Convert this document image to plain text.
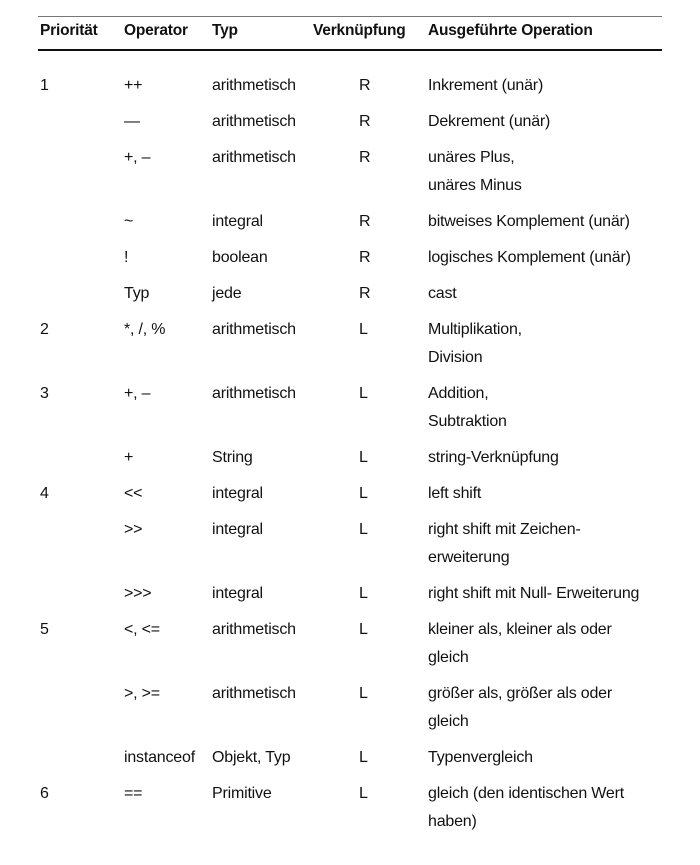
Priorität	Operator	Typ	Verknüpfung	Ausgeführte Operation
1	++	arithmetisch	R	Inkrement (unär)

	—	arithmetisch	R	Dekrement (unär)

	+, –	arithmetisch	R	unäres Plus,
unäres Minus

	~	integral	R	bitweises Komplement (unär)

	!	boolean	R	logisches Komplement (unär)

	Typ	jede	R	cast

2	*, /, %	arithmetisch	L	Multiplikation,
Division

3	+, –	arithmetisch	L	Addition,
Subtraktion

	+	String	L	string-Verknüpfung

4	<<	integral	L	left shift

	>>	integral	L	right shift mit Zeichen-
erweiterung

	>>>	integral	L	right shift mit Null- Erweiterung

5	<, <=	arithmetisch	L	kleiner als, kleiner als oder
gleich

	>, >=	arithmetisch	L	größer als, größer als oder
gleich

	instanceof	Objekt, Typ	L	Typenvergleich

6	==	Primitive	L	gleich (den identischen Wert
haben)
